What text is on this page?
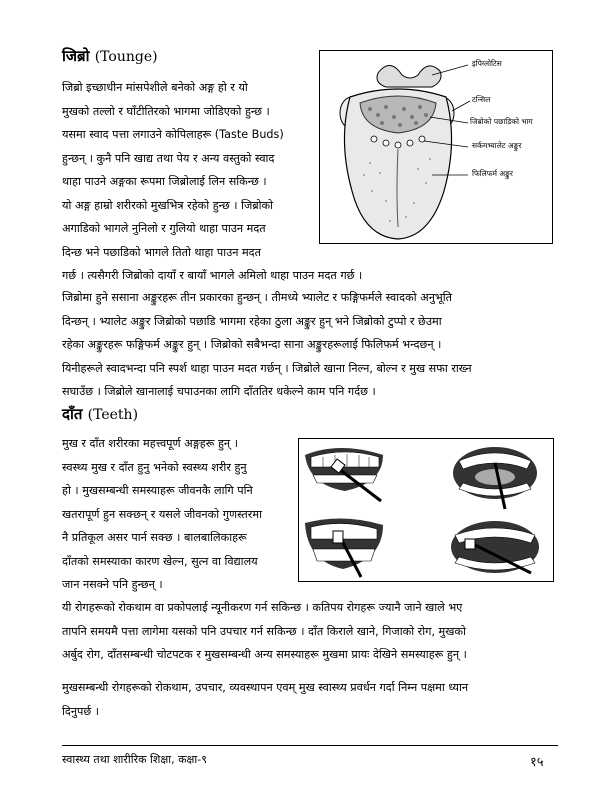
जिब्रो (Tounge)
जिब्रो इच्छाधीन मांसपेशीले बनेको अङ्ग हो र यो
मुखको तल्लो र घाँटीतिरको भागमा जोडिएको हुन्छ ।
यसमा स्वाद पत्ता लगाउने कोपिलाहरू (Taste Buds)
हुन्छन् । कुनै पनि खाद्य तथा पेय र अन्य वस्तुको स्वाद
थाहा पाउने अङ्गका रूपमा जिब्रोलाई लिन सकिन्छ ।
यो अङ्ग हाम्रो शरीरको मुखभित्र रहेको हुन्छ । जिब्रोको
अगाडिको भागले नुनिलो र गुलियो थाहा पाउन मदत
दिन्छ भने पछाडिको भागले तितो थाहा पाउन मदत
गर्छ । त्यसैगरी जिब्रोको दायाँ र बायाँ भागले अमिलो थाहा पाउन मदत गर्छ ।
इपिग्लोटिस
टन्सिल
जिब्रोको पछाडिको भाग
सर्कमभ्यालेट अङ्कुर
फिलिफर्म अङ्कुर
जिब्रोमा हुने ससाना अङ्कुरहरू तीन प्रकारका हुन्छन् । तीमध्ये भ्यालेट र फङ्गिफर्मले स्वादको अनुभूति
दिन्छन् । भ्यालेट अङ्कुर जिब्रोको पछाडि भागमा रहेका ठुला अङ्कुर हुन् भने जिब्रोको टुप्पो र छेउमा
रहेका अङ्कुरहरू फङ्गिफर्म अङ्कुर हुन् । जिब्रोको सबैभन्दा साना अङ्कुरहरूलाई फिलिफर्म भन्दछन् ।
यिनीहरूले स्वादभन्दा पनि स्पर्श थाहा पाउन मदत गर्छन् । जिब्रोले खाना निल्न, बोल्न र मुख सफा राख्न
सघाउँछ । जिब्रोले खानालाई चपाउनका लागि दाँततिर धकेल्ने काम पनि गर्दछ ।
दाँत (Teeth)
मुख र दाँत शरीरका महत्त्वपूर्ण अङ्गहरू हुन् ।
स्वस्थ्य मुख र दाँत हुनु भनेको स्वस्थ्य शरीर हुनु
हो । मुखसम्बन्धी समस्याहरू जीवनकै लागि पनि
खतरापूर्ण हुन सक्छन् र यसले जीवनको गुणस्तरमा
नै प्रतिकूल असर पार्न सक्छ । बालबालिकाहरू
दाँतको समस्याका कारण खेल्न, सुत्न वा विद्यालय
जान नसक्ने पनि हुन्छन् ।
यी रोगहरूको रोकथाम वा प्रकोपलाई न्यूनीकरण गर्न सकिन्छ । कतिपय रोगहरू ज्यानै जाने खाले भए
तापनि समयमै पत्ता लागेमा यसको पनि उपचार गर्न सकिन्छ । दाँत किराले खाने, गिजाको रोग, मुखको
अर्बुद रोग, दाँतसम्बन्धी चोटपटक र मुखसम्बन्धी अन्य समस्याहरू मुखमा प्रायः देखिने समस्याहरू हुन् ।
मुखसम्बन्धी रोगहरूको रोकथाम, उपचार, व्यवस्थापन एवम् मुख स्वास्थ्य प्रवर्धन गर्दा निम्न पक्षमा ध्यान
दिनुपर्छ ।
स्वास्थ्य तथा शारीरिक शिक्षा, कक्षा-९	१५
